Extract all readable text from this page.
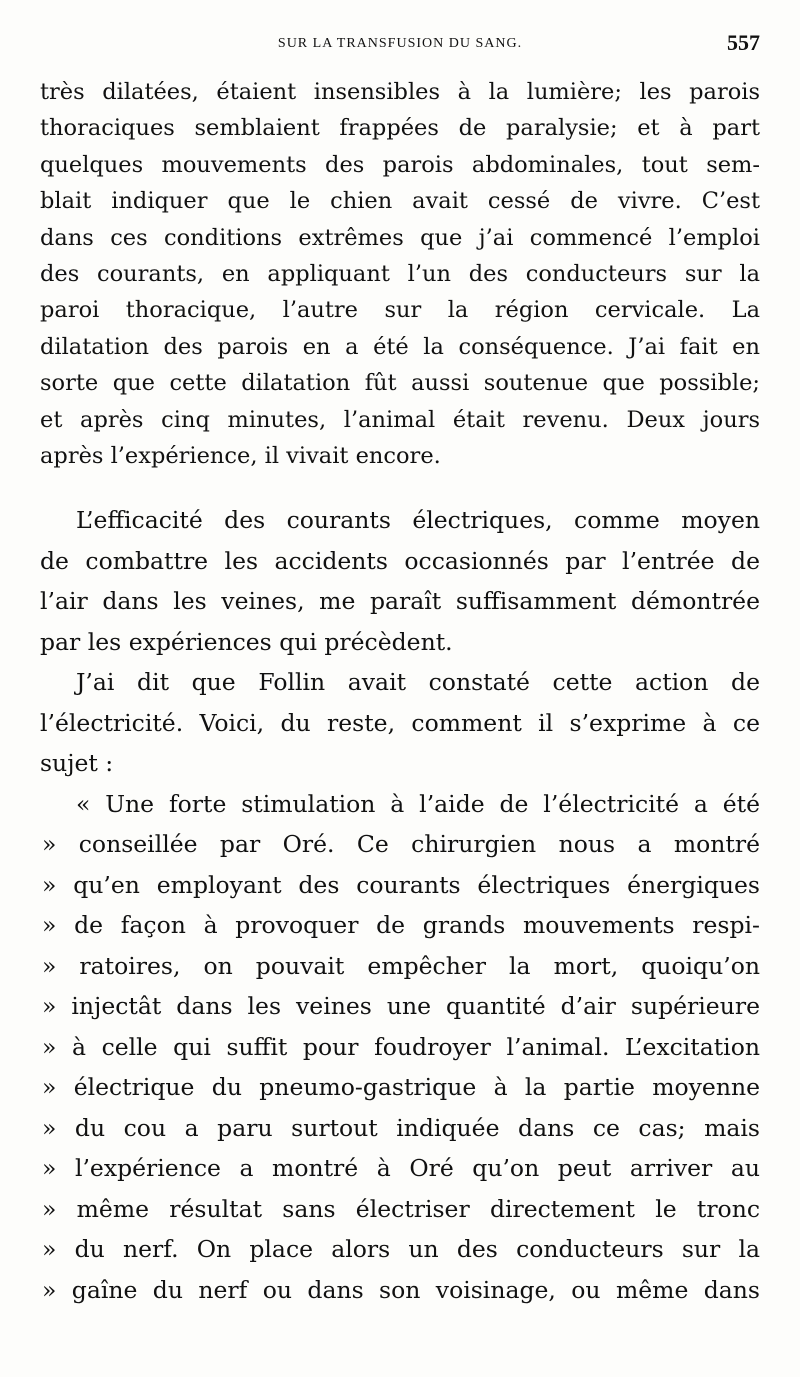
SUR LA TRANSFUSION DU SANG.	557
très dilatées, étaient insensibles à la lumière; les parois
thoraciques semblaient frappées de paralysie; et à part
quelques mouvements des parois abdominales, tout sem-
blait indiquer que le chien avait cessé de vivre. C’est
dans ces conditions extrêmes que j’ai commencé l’emploi
des courants, en appliquant l’un des conducteurs sur la
paroi thoracique, l’autre sur la région cervicale. La
dilatation des parois en a été la conséquence. J’ai fait en
sorte que cette dilatation fût aussi soutenue que possible;
et après cinq minutes, l’animal était revenu. Deux jours
après l’expérience, il vivait encore.
L’efficacité des courants électriques, comme moyen
de combattre les accidents occasionnés par l’entrée de
l’air dans les veines, me paraît suffisamment démontrée
par les expériences qui précèdent.
J’ai dit que Follin avait constaté cette action de
l’électricité. Voici, du reste, comment il s’exprime à ce
sujet :
« Une forte stimulation à l’aide de l’électricité a été
» conseillée par Oré. Ce chirurgien nous a montré
» qu’en employant des courants électriques énergiques
» de façon à provoquer de grands mouvements respi-
» ratoires, on pouvait empêcher la mort, quoiqu’on
» injectât dans les veines une quantité d’air supérieure
» à celle qui suffit pour foudroyer l’animal. L’excitation
» électrique du pneumo-gastrique à la partie moyenne
» du cou a paru surtout indiquée dans ce cas; mais
» l’expérience a montré à Oré qu’on peut arriver au
» même résultat sans électriser directement le tronc
» du nerf. On place alors un des conducteurs sur la
» gaîne du nerf ou dans son voisinage, ou même dans
